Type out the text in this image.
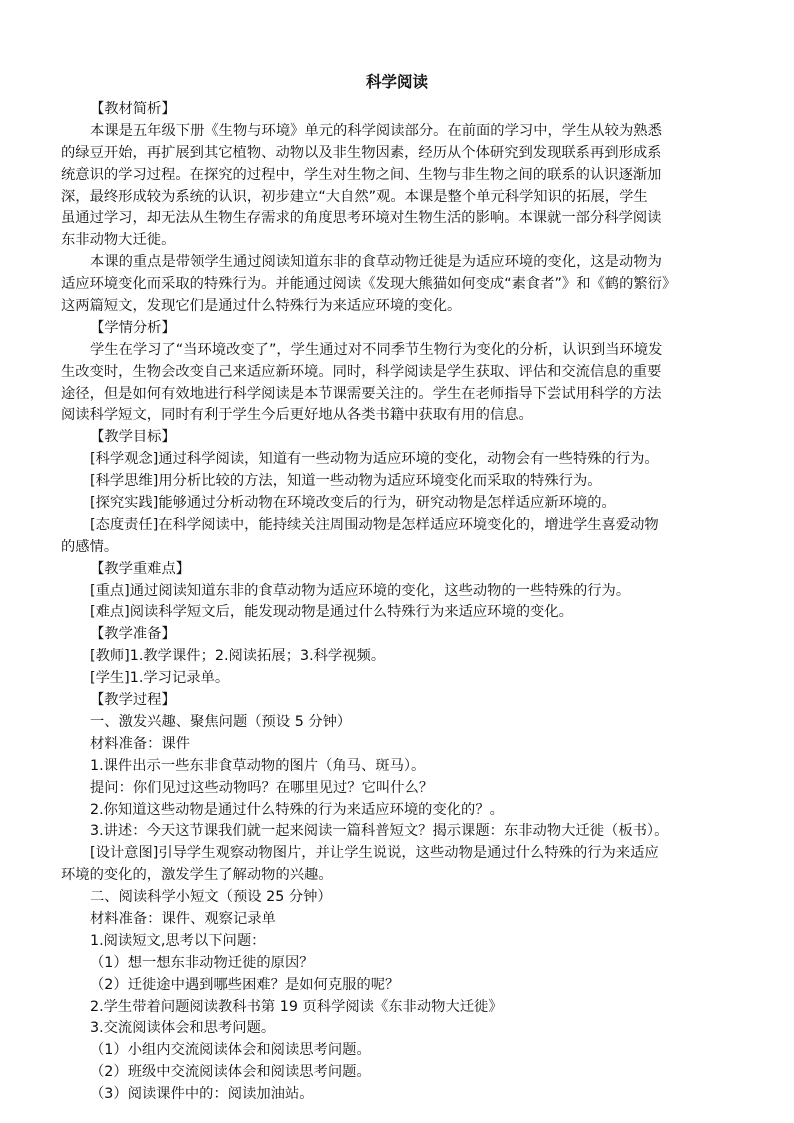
科学阅读
【教材简析】
本课是五年级下册《生物与环境》单元的科学阅读部分。在前面的学习中，学生从较为熟悉
的绿豆开始，再扩展到其它植物、动物以及非生物因素，经历从个体研究到发现联系再到形成系
统意识的学习过程。在探究的过程中，学生对生物之间、生物与非生物之间的联系的认识逐渐加
深，最终形成较为系统的认识，初步建立“大自然”观。本课是整个单元科学知识的拓展，学生
虽通过学习，却无法从生物生存需求的角度思考环境对生物生活的影响。本课就一部分科学阅读
东非动物大迁徙。
本课的重点是带领学生通过阅读知道东非的食草动物迁徙是为适应环境的变化，这是动物为
适应环境变化而采取的特殊行为。并能通过阅读《发现大熊猫如何变成“素食者”》和《鹤的繁衍》
这两篇短文，发现它们是通过什么特殊行为来适应环境的变化。
【学情分析】
学生在学习了“当环境改变了”，学生通过对不同季节生物行为变化的分析，认识到当环境发
生改变时，生物会改变自己来适应新环境。同时，科学阅读是学生获取、评估和交流信息的重要
途径，但是如何有效地进行科学阅读是本节课需要关注的。学生在老师指导下尝试用科学的方法
阅读科学短文，同时有利于学生今后更好地从各类书籍中获取有用的信息。
【教学目标】
[科学观念]通过科学阅读，知道有一些动物为适应环境的变化，动物会有一些特殊的行为。
[科学思维]用分析比较的方法，知道一些动物为适应环境变化而采取的特殊行为。
[探究实践]能够通过分析动物在环境改变后的行为，研究动物是怎样适应新环境的。
[态度责任]在科学阅读中，能持续关注周围动物是怎样适应环境变化的，增进学生喜爱动物
的感情。
【教学重难点】
[重点]通过阅读知道东非的食草动物为适应环境的变化，这些动物的一些特殊的行为。
[难点]阅读科学短文后，能发现动物是通过什么特殊行为来适应环境的变化。
【教学准备】
[教师]1.教学课件；2.阅读拓展；3.科学视频。
[学生]1.学习记录单。
【教学过程】
一、激发兴趣、聚焦问题（预设 5 分钟）
材料准备：课件
1.课件出示一些东非食草动物的图片（角马、斑马）。
提问：你们见过这些动物吗？在哪里见过？它叫什么？
2.你知道这些动物是通过什么特殊的行为来适应环境的变化的？。
3.讲述：今天这节课我们就一起来阅读一篇科普短文？揭示课题：东非动物大迁徙（板书）。
[设计意图]引导学生观察动物图片，并让学生说说，这些动物是通过什么特殊的行为来适应
环境的变化的，激发学生了解动物的兴趣。
二、阅读科学小短文（预设 25 分钟）
材料准备：课件、观察记录单
1.阅读短文,思考以下问题：
（1）想一想东非动物迁徙的原因？
（2）迁徙途中遇到哪些困难？是如何克服的呢？
2.学生带着问题阅读教科书第 19 页科学阅读《东非动物大迁徙》
3.交流阅读体会和思考问题。
（1）小组内交流阅读体会和阅读思考问题。
（2）班级中交流阅读体会和阅读思考问题。
（3）阅读课件中的：阅读加油站。
